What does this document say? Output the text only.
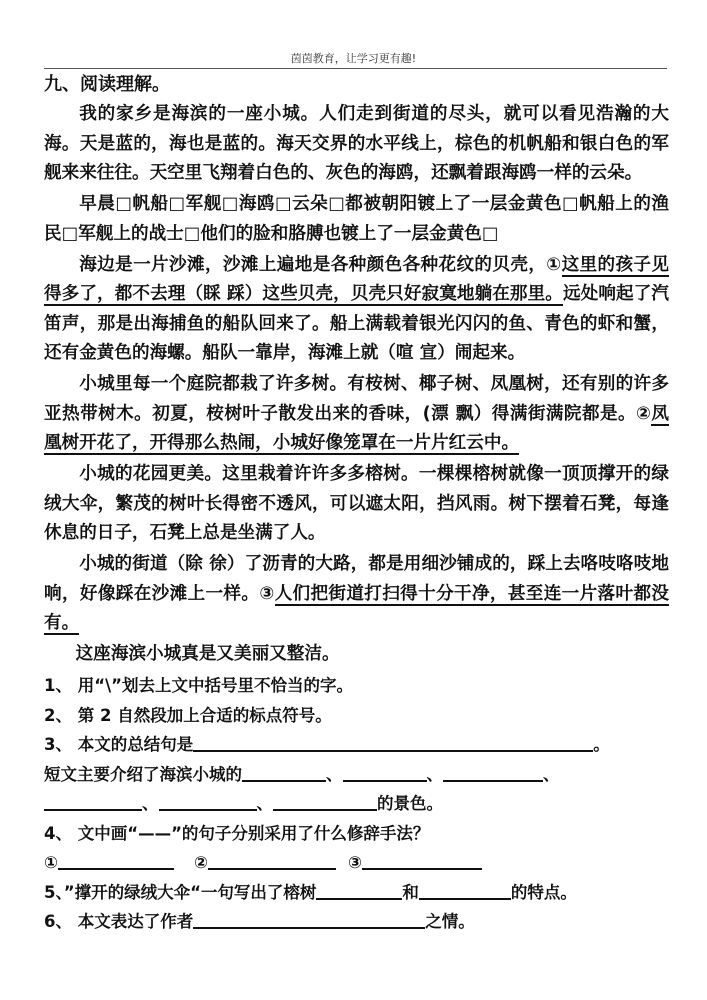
茵茵教育，让学习更有趣!

九、阅读理解。

我的家乡是海滨的一座小城。人们走到街道的尽头，就可以看见浩瀚的大海。天是蓝的，海也是蓝的。海天交界的水平线上，棕色的机帆船和银白色的军舰来来往往。天空里飞翔着白色的、灰色的海鸥，还飘着跟海鸥一样的云朵。

早晨□帆船□军舰□海鸥□云朵□都被朝阳镀上了一层金黄色□帆船上的渔民□军舰上的战士□他们的脸和胳膊也镀上了一层金黄色□

海边是一片沙滩，沙滩上遍地是各种颜色各种花纹的贝壳，①这里的孩子见得多了，都不去理（睬 踩）这些贝壳，贝壳只好寂寞地躺在那里。远处响起了汽笛声，那是出海捕鱼的船队回来了。船上满载着银光闪闪的鱼、青色的虾和蟹，还有金黄色的海螺。船队一靠岸，海滩上就（喧 宣）闹起来。

小城里每一个庭院都栽了许多树。有桉树、椰子树、凤凰树，还有别的许多亚热带树木。初夏，桉树叶子散发出来的香味，(漂 飘）得满街满院都是。②凤凰树开花了，开得那么热闹，小城好像笼罩在一片片红云中。

小城的花园更美。这里栽着许许多多榕树。一棵棵榕树就像一顶顶撑开的绿绒大伞，繁茂的树叶长得密不透风，可以遮太阳，挡风雨。树下摆着石凳，每逢休息的日子，石凳上总是坐满了人。

小城的街道（除 徐）了沥青的大路，都是用细沙铺成的，踩上去咯吱咯吱地响，好像踩在沙滩上一样。③人们把街道打扫得十分干净，甚至连一片落叶都没有。

这座海滨小城真是又美丽又整洁。

1、 用“\”划去上文中括号里不恰当的字。

2、 第 2 自然段加上合适的标点符号。

3、 本文的总结句是	。

短文主要介绍了海滨小城的	、	、	、

、	、	的景色。

4、 文中画“——”的句子分别采用了什么修辞手法？

①	②	③

5、”撑开的绿绒大伞“一句写出了榕树	和	的特点。

6、 本文表达了作者	之情。
